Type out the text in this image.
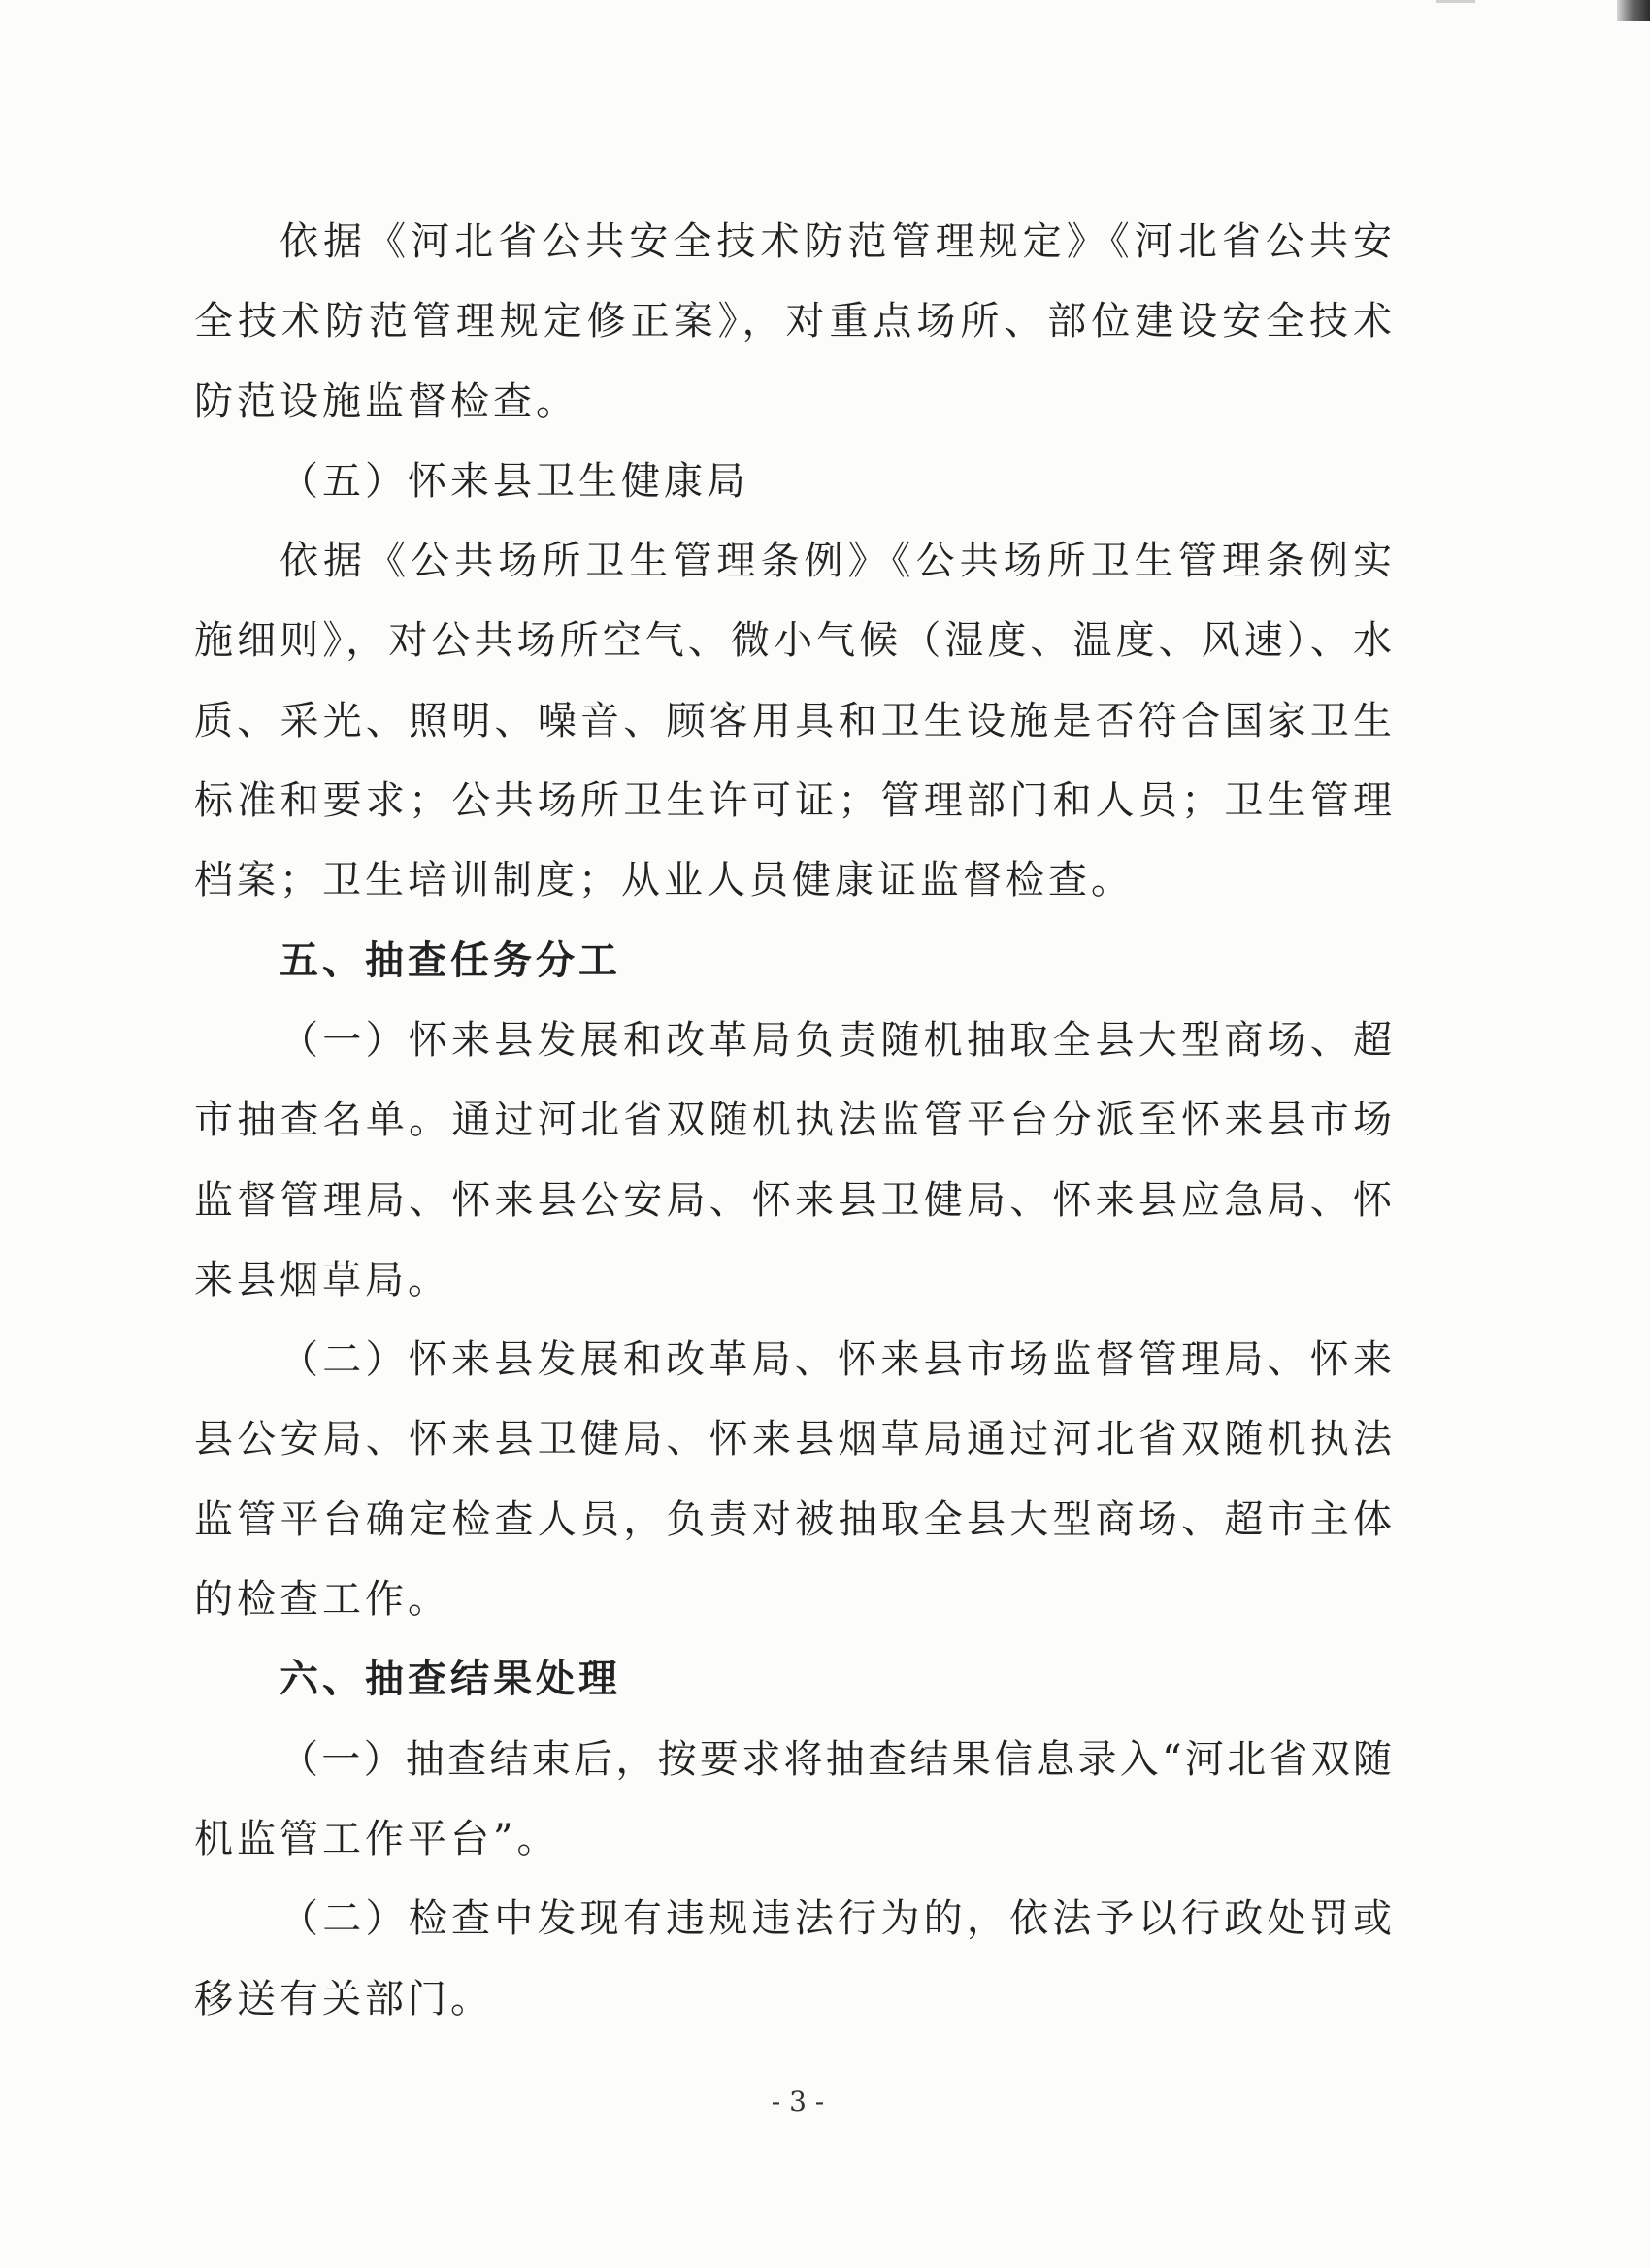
依据《河北省公共安全技术防范管理规定》《河北省公共安
全技术防范管理规定修正案》，对重点场所、部位建设安全技术
防范设施监督检查。
（五）怀来县卫生健康局
依据《公共场所卫生管理条例》《公共场所卫生管理条例实
施细则》，对公共场所空气、微小气候（湿度、温度、风速）、水
质、采光、照明、噪音、顾客用具和卫生设施是否符合国家卫生
标准和要求；公共场所卫生许可证；管理部门和人员；卫生管理
档案；卫生培训制度；从业人员健康证监督检查。
五、抽查任务分工
（一）怀来县发展和改革局负责随机抽取全县大型商场、超
市抽查名单。通过河北省双随机执法监管平台分派至怀来县市场
监督管理局、怀来县公安局、怀来县卫健局、怀来县应急局、怀
来县烟草局。
（二）怀来县发展和改革局、怀来县市场监督管理局、怀来
县公安局、怀来县卫健局、怀来县烟草局通过河北省双随机执法
监管平台确定检查人员，负责对被抽取全县大型商场、超市主体
的检查工作。
六、抽查结果处理
（一）抽查结束后，按要求将抽查结果信息录入“河北省双随
机监管工作平台”。
（二）检查中发现有违规违法行为的，依法予以行政处罚或
移送有关部门。
- 3 -
